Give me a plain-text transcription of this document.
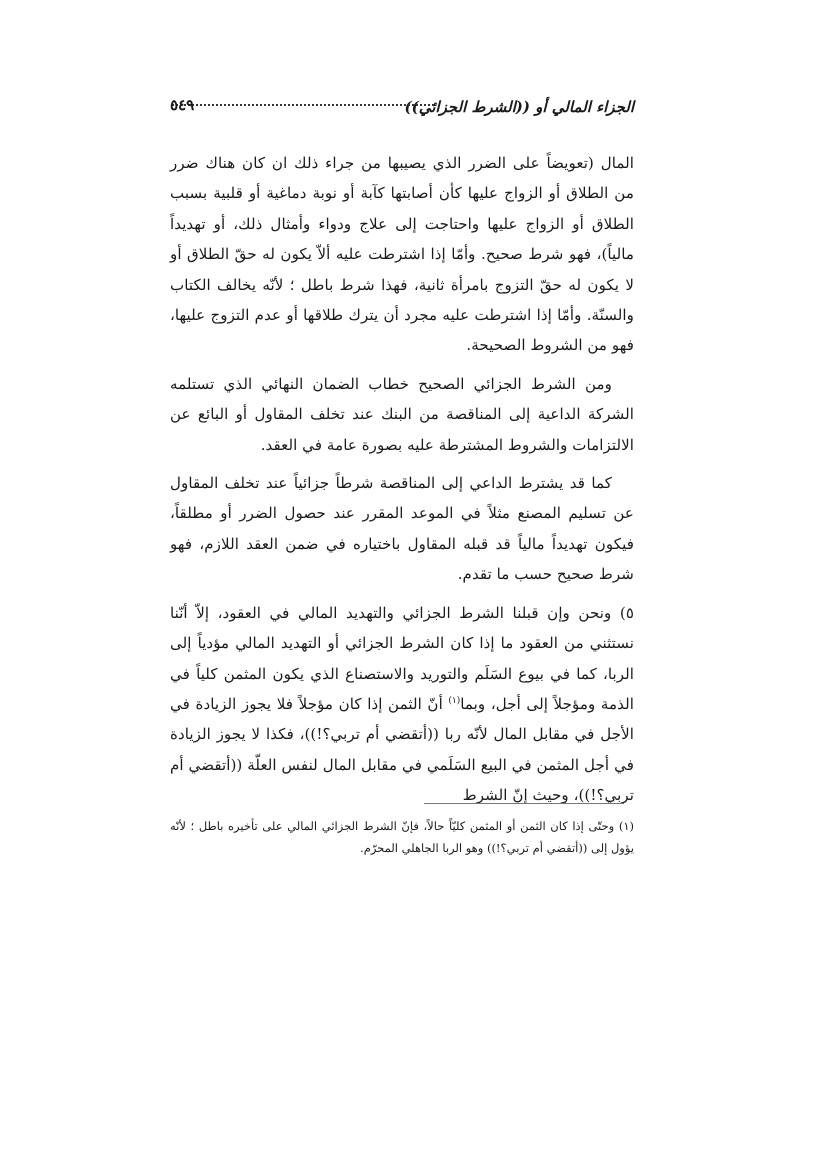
الجزاء المالي أو ((الشرط الجزائي))
٥٤٩

المال (تعويضاً على الضرر الذي يصيبها من جراء ذلك ان كان هناك ضرر من الطلاق أو الزواج عليها كأن أصابتها كآبة أو نوبة دماغية أو قلبية بسبب الطلاق أو الزواج عليها واحتاجت إلى علاج ودواء وأمثال ذلك، أو تهديداً مالياً)، فهو شرط صحيح. وأمّا إذا اشترطت عليه ألاّ يكون له حقّ الطلاق أو لا يكون له حقّ التزوج بامرأة ثانية، فهذا شرط باطل ؛ لأنّه يخالف الكتاب والسنّة. وأمّا إذا اشترطت عليه مجرد أن يترك طلاقها أو عدم التزوج عليها، فهو من الشروط الصحيحة.

ومن الشرط الجزائي الصحيح خطاب الضمان النهائي الذي تستلمه الشركة الداعية إلى المناقصة من البنك عند تخلف المقاول أو البائع عن الالتزامات والشروط المشترطة عليه بصورة عامة في العقد.

كما قد يشترط الداعي إلى المناقصة شرطاً جزائياً عند تخلف المقاول عن تسليم المصنع مثلاً في الموعد المقرر عند حصول الضرر أو مطلقاً، فيكون تهديداً مالياً قد قبله المقاول باختياره في ضمن العقد اللازم، فهو شرط صحيح حسب ما تقدم.

٥) ونحن وإن قبلنا الشرط الجزائي والتهديد المالي في العقود، إلاّ أنّنا نستثني من العقود ما إذا كان الشرط الجزائي أو التهديد المالي مؤدياً إلى الربا، كما في بيوع السَلَم والتوريد والاستصناع الذي يكون المثمن كلياً في الذمة ومؤجلاً إلى أجل، وبما$^{(١)}$ أنّ الثمن إذا كان مؤجلاً فلا يجوز الزيادة في الأجل في مقابل المال لأنّه ربا ((أتقضي أم تربي؟!))، فكذا لا يجوز الزيادة في أجل المثمن في البيع السَلَمي في مقابل المال لنفس العلّة ((أتقضي أم تربي؟!))، وحيث إنّ الشرط

(١) وحتّى إذا كان الثمن أو المثمن كليّاً حالاً، فإنّ الشرط الجزائي المالي على تأخيره باطل ؛ لأنّه يؤول إلى ((أتقضي أم تربي؟!)) وهو الربا الجاهلي المحرّم.
